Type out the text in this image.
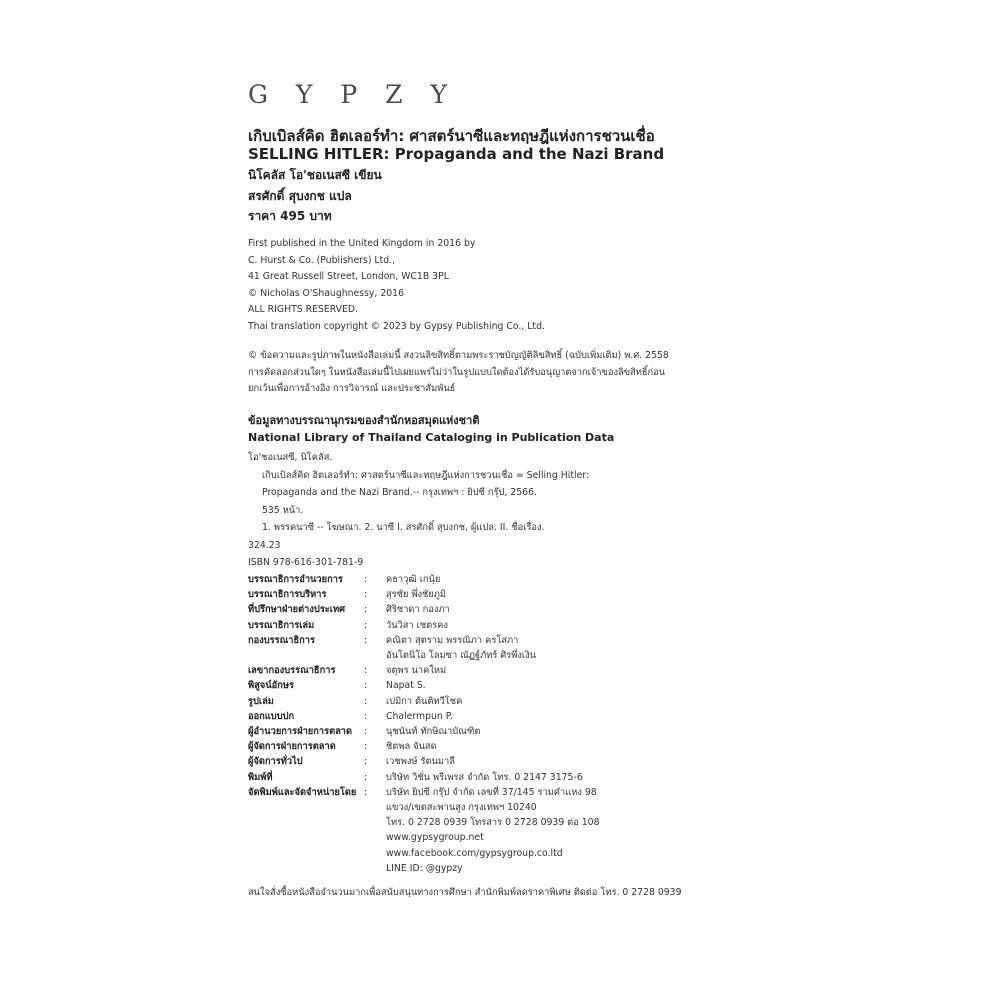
G Y P Z Y
เกิบเบิลส์คิด ฮิตเลอร์ทำ: ศาสตร์นาซีและทฤษฎีแห่งการชวนเชื่อ
SELLING HITLER: Propaganda and the Nazi Brand
นิโคลัส โอ'ชอเนสซี เขียน
สรศักดิ์ สุบงกช แปล
ราคา 495 บาท
First published in the United Kingdom in 2016 by
C. Hurst & Co. (Publishers) Ltd.,
41 Great Russell Street, London, WC1B 3PL
© Nicholas O'Shaughnessy, 2016
ALL RIGHTS RESERVED.
Thai translation copyright © 2023 by Gypsy Publishing Co., Ltd.
© ข้อความและรูปภาพในหนังสือเล่มนี้ สงวนลิขสิทธิ์ตามพระราชบัญญัติลิขสิทธิ์ (ฉบับเพิ่มเติม) พ.ศ. 2558
การคัดลอกส่วนใดๆ ในหนังสือเล่มนี้ไปเผยแพร่ไม่ว่าในรูปแบบใดต้องได้รับอนุญาตจากเจ้าของลิขสิทธิ์ก่อน
ยกเว้นเพื่อการอ้างอิง การวิจารณ์ และประชาสัมพันธ์
ข้อมูลทางบรรณานุกรมของสำนักหอสมุดแห่งชาติ
National Library of Thailand Cataloging in Publication Data
โอ'ชอเนสซี, นิโคลัส.
เกิบเบิลส์คิด ฮิตเลอร์ทำ: ศาสตร์นาซีและทฤษฎีแห่งการชวนเชื่อ = Selling Hitler:
Propaganda and the Nazi Brand.-- กรุงเทพฯ : ยิปซี กรุ๊ป, 2566.
535 หน้า.
1. พรรคนาซี -- โฆษณา. 2. นาซี I. สรศักดิ์ สุบงกช, ผู้แปล. II. ชื่อเรื่อง.
324.23
ISBN 978-616-301-781-9
บรรณาธิการอำนวยการ	:	คธาวุฒิ เกนุ้ย
บรรณาธิการบริหาร	:	สุรชัย พึ่งชัยภูมิ
ที่ปรึกษาฝ่ายต่างประเทศ	:	ศิริชาดา กองภา
บรรณาธิการเล่ม	:	วันวิสา เชตรคง
กองบรรณาธิการ	:	คณิตา สุตราม พรรณิภา ครโสภา
อันโตนิโอ โลมซา ณัฏฐ์ภัทร์ ศิรพึ่งเงิน
เลขากองบรรณาธิการ	:	จตุพร นาคใหม่
พิสูจน์อักษร	:	Napat S.
รูปเล่ม	:	เปมิกา ต้นติทวีโชค
ออกแบบปก	:	Chalermpun P.
ผู้อำนวยการฝ่ายการตลาด	:	นุชนันท์ ทักษิณาบัณฑิต
ผู้จัดการฝ่ายการตลาด	:	ชิตพล จันสด
ผู้จัดการทั่วไป	:	เวชพงษ์ รัตนมาลี
พิมพ์ที่	:	บริษัท วิชั่น พรีเพรส จำกัด โทร. 0 2147 3175-6
จัดพิมพ์และจัดจำหน่ายโดย :	บริษัท ยิปซี กรุ๊ป จำกัด เลขที่ 37/145 รามคำแหง 98
แขวง/เขตสะพานสูง กรุงเทพฯ 10240
โทร. 0 2728 0939 โทรสาร 0 2728 0939 ต่อ 108
www.gypsygroup.net
www.facebook.com/gypsygroup.co.ltd
LINE ID: @gypzy
สนใจสั่งซื้อหนังสือจำนวนมากเพื่อสนับสนุนทางการศึกษา สำนักพิมพ์ลดราคาพิเศษ ติดต่อ โทร. 0 2728 0939
